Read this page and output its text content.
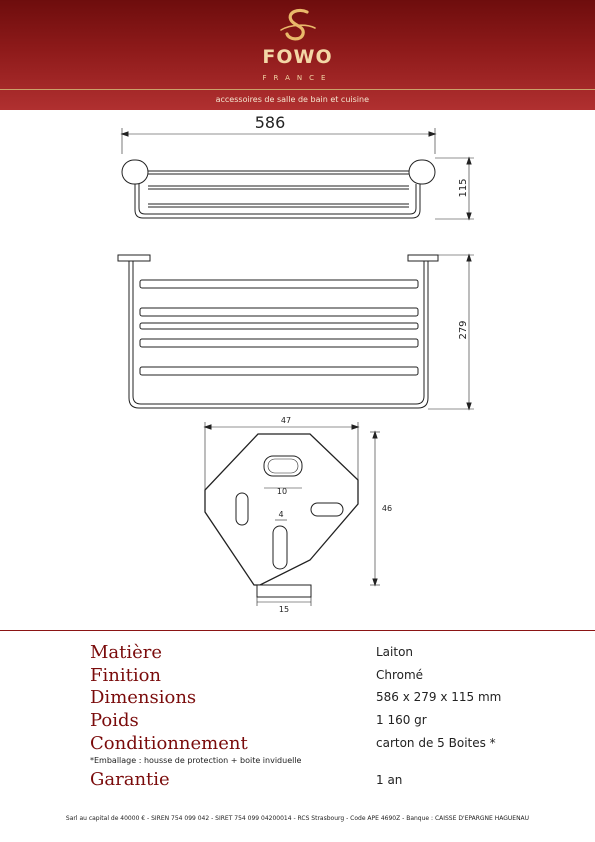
FOWO
FRANCE
accessoires de salle de bain et cuisine
586
115
279
47
46
10
4
15
Matière	Laiton
Finition	Chromé
Dimensions	586 x 279 x 115 mm
Poids	1 160 gr
Conditionnement	carton de 5 Boites *
*Emballage : housse de protection + boite inviduelle
Garantie	1 an
Sarl au capital de 40000 € - SIREN 754 099 042 - SIRET 754 099 04200014 - RCS Strasbourg - Code APE 4690Z - Banque : CAISSE D'EPARGNE HAGUENAU
